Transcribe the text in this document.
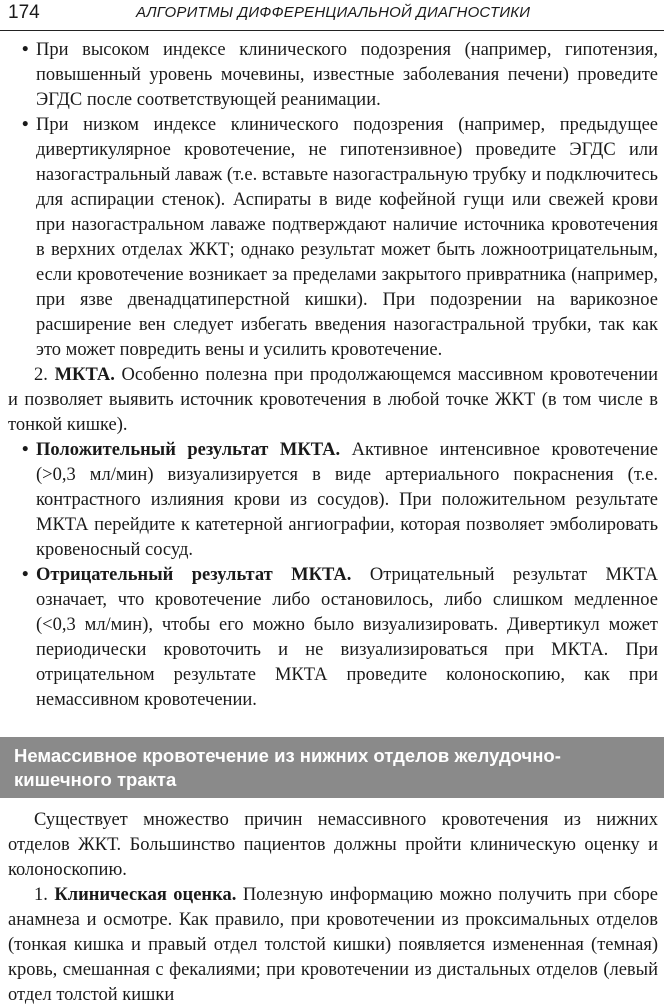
174	АЛГОРИТМЫ ДИФФЕРЕНЦИАЛЬНОЙ ДИАГНОСТИКИ

• При высоком индексе клинического подозрения (например, гипотензия, повышенный уровень мочевины, известные заболевания печени) проведите ЭГДС после соответствующей реанимации.

• При низком индексе клинического подозрения (например, предыдущее дивертикулярное кровотечение, не гипотензивное) проведите ЭГДС или назогастральный лаваж (т.е. вставьте назогастральную трубку и подключитесь для аспирации стенок). Аспираты в виде кофейной гущи или свежей крови при назогастральном лаваже подтверждают наличие источника кровотечения в верхних отделах ЖКТ; однако результат может быть ложноотрицательным, если кровотечение возникает за пределами закрытого привратника (например, при язве двенадцатиперстной кишки). При подозрении на варикозное расширение вен следует избегать введения назогастральной трубки, так как это может повредить вены и усилить кровотечение.

2. МКТА. Особенно полезна при продолжающемся массивном кровотечении и позволяет выявить источник кровотечения в любой точке ЖКТ (в том числе в тонкой кишке).

• Положительный результат МКТА. Активное интенсивное кровотечение (>0,3 мл/мин) визуализируется в виде артериального покраснения (т.е. контрастного излияния крови из сосудов). При положительном результате МКТА перейдите к катетерной ангиографии, которая позволяет эмболировать кровеносный сосуд.

• Отрицательный результат МКТА. Отрицательный результат МКТА означает, что кровотечение либо остановилось, либо слишком медленное (<0,3 мл/мин), чтобы его можно было визуализировать. Дивертикул может периодически кровоточить и не визуализироваться при МКТА. При отрицательном результате МКТА проведите колоноскопию, как при немассивном кровотечении.

Немассивное кровотечение из нижних отделов желудочно-кишечного тракта

Существует множество причин немассивного кровотечения из нижних отделов ЖКТ. Большинство пациентов должны пройти клиническую оценку и колоноскопию.

1. Клиническая оценка. Полезную информацию можно получить при сборе анамнеза и осмотре. Как правило, при кровотечении из проксимальных отделов (тонкая кишка и правый отдел толстой кишки) появляется измененная (темная) кровь, смешанная с фекалиями; при кровотечении из дистальных отделов (левый отдел толстой кишки
